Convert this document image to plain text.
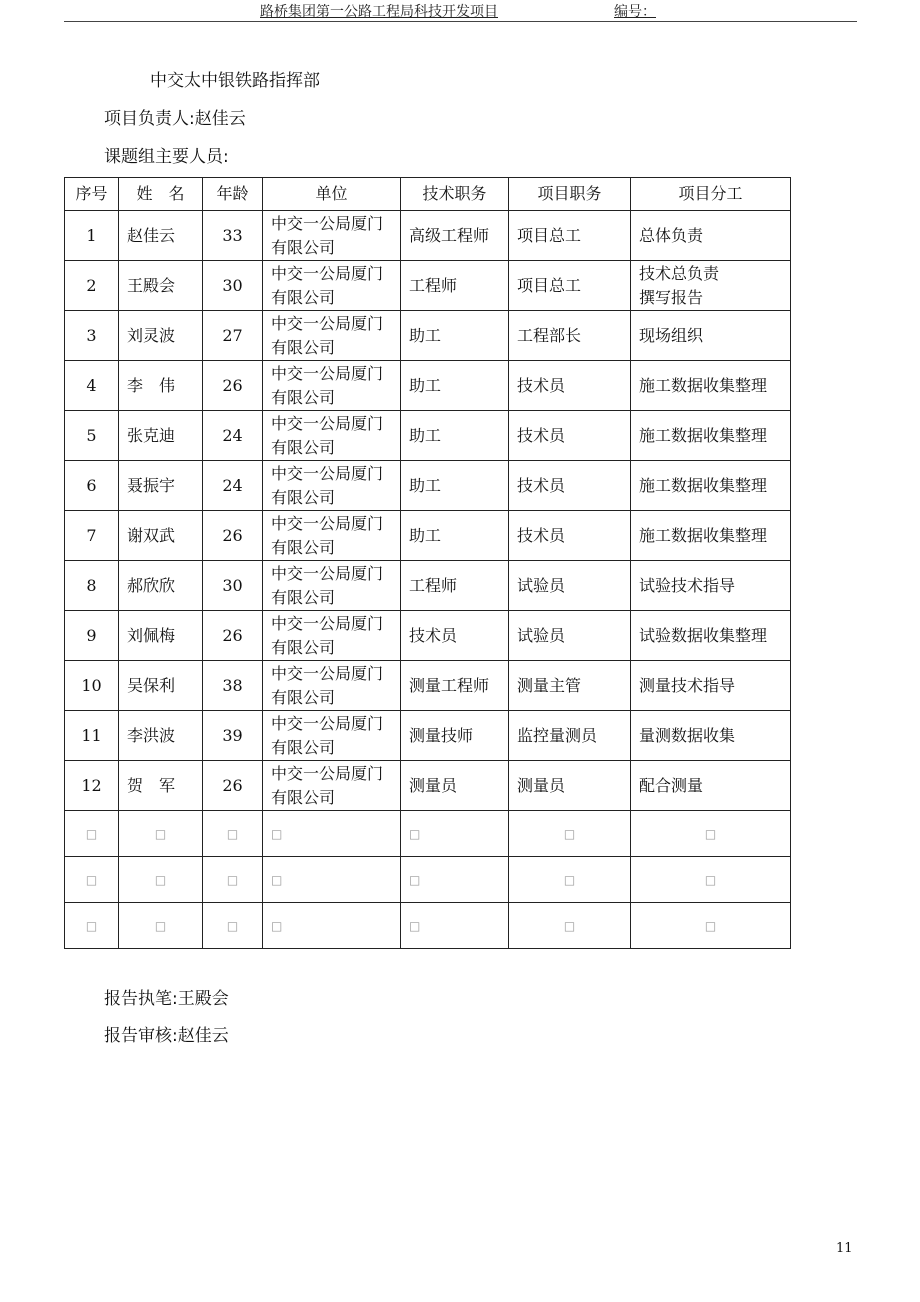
路桥集团第一公路工程局科技开发项目	编号：
中交太中银铁路指挥部
项目负责人:赵佳云
课题组主要人员:
序号	姓　名	年龄	单位	技术职务	项目职务	项目分工
1	赵佳云	33	中交一公局厦门有限公司	高级工程师	项目总工	总体负责
2	王殿会	30	中交一公局厦门有限公司	工程师	项目总工	技术总负责
撰写报告
3	刘灵波	27	中交一公局厦门有限公司	助工	工程部长	现场组织
4	李　伟	26	中交一公局厦门有限公司	助工	技术员	施工数据收集整理
5	张克迪	24	中交一公局厦门有限公司	助工	技术员	施工数据收集整理
6	聂振宇	24	中交一公局厦门有限公司	助工	技术员	施工数据收集整理
7	谢双武	26	中交一公局厦门有限公司	助工	技术员	施工数据收集整理
8	郝欣欣	30	中交一公局厦门有限公司	工程师	试验员	试验技术指导
9	刘佩梅	26	中交一公局厦门有限公司	技术员	试验员	试验数据收集整理
10	吴保利	38	中交一公局厦门有限公司	测量工程师	测量主管	测量技术指导
11	李洪波	39	中交一公局厦门有限公司	测量技师	监控量测员	量测数据收集
12	贺　军	26	中交一公局厦门有限公司	测量员	测量员	配合测量
□	□	□	□	□	□	□
□	□	□	□	□	□	□
□	□	□	□	□	□	□
报告执笔:王殿会
报告审核:赵佳云
11
